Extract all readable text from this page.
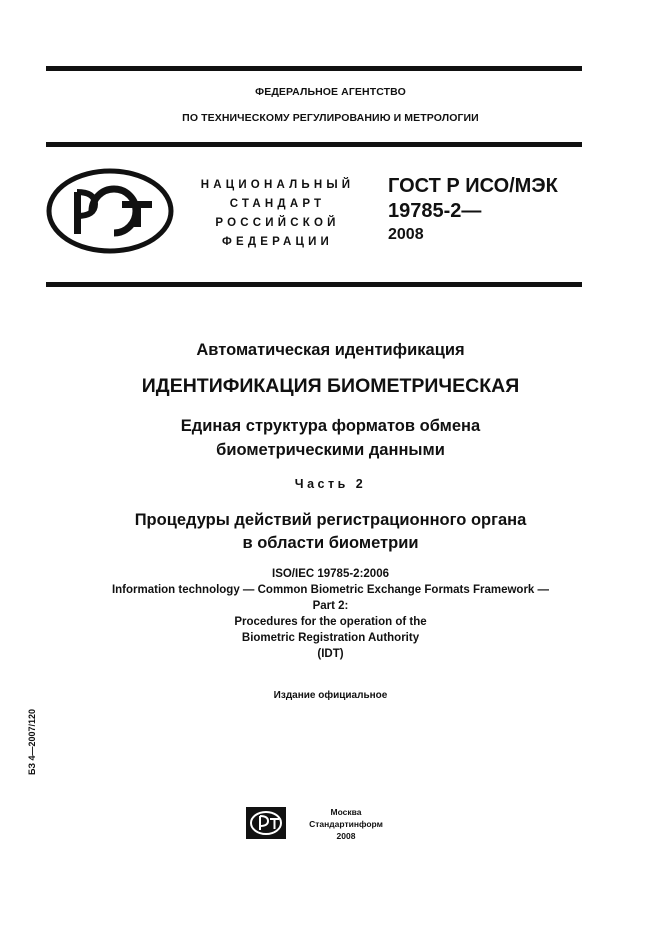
ФЕДЕРАЛЬНОЕ АГЕНТСТВО
ПО ТЕХНИЧЕСКОМУ РЕГУЛИРОВАНИЮ И МЕТРОЛОГИИ
НАЦИОНАЛЬНЫЙ
СТАНДАРТ
РОССИЙСКОЙ
ФЕДЕРАЦИИ
ГОСТ Р ИСО/МЭК
19785-2—
2008
Автоматическая идентификация
ИДЕНТИФИКАЦИЯ БИОМЕТРИЧЕСКАЯ
Единая структура форматов обмена
биометрическими данными
Часть 2
Процедуры действий регистрационного органа
в области биометрии
ISO/IEC 19785-2:2006
Information technology — Common Biometric Exchange Formats Framework —
Part 2:
Procedures for the operation of the
Biometric Registration Authority
(IDT)
Издание официальное
БЗ 4—2007/120
Москва
Стандартинформ
2008
